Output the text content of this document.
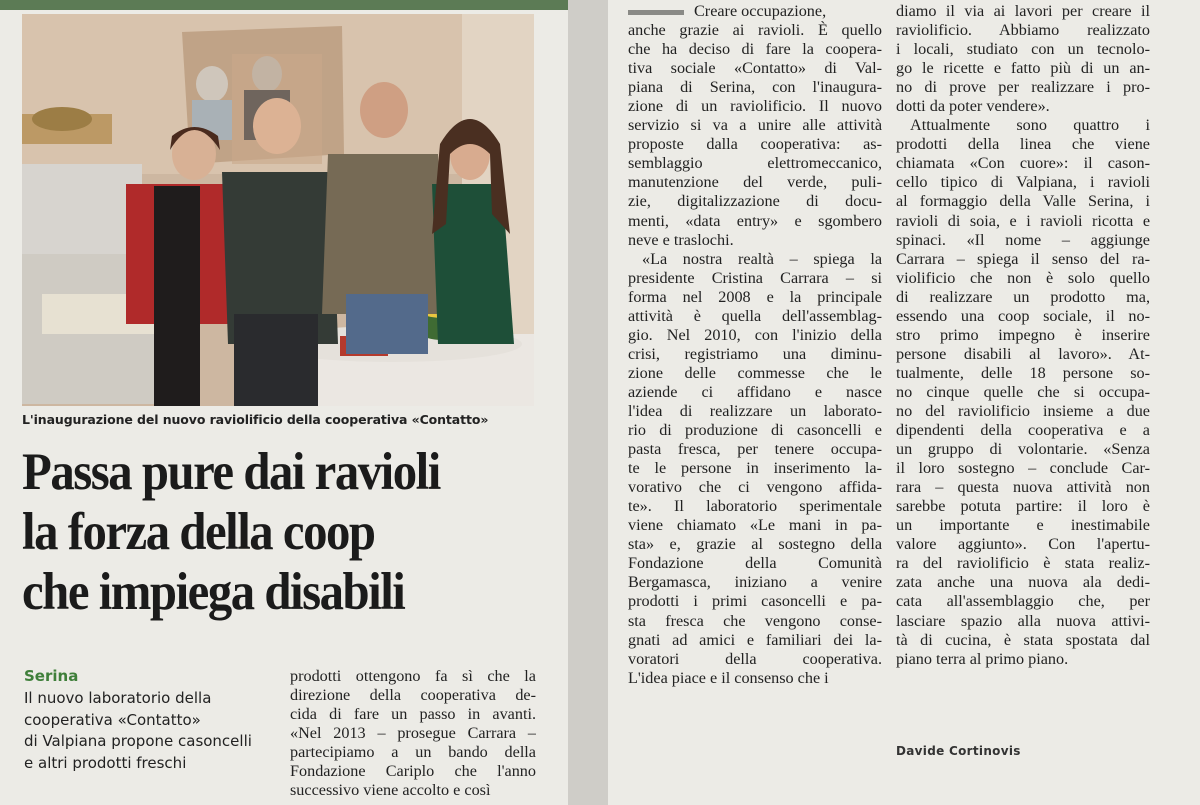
L'inaugurazione del nuovo raviolificio della cooperativa «Contatto»
Passa pure dai ravioli
la forza della coop
che impiega disabili
Serina
Il nuovo laboratorio della
cooperativa «Contatto»
di Valpiana propone casoncelli
e altri prodotti freschi
prodotti ottengono fa sì che la
direzione della cooperativa de-
cida di fare un passo in avanti.
«Nel 2013 – prosegue Carrara –
partecipiamo a un bando della
Fondazione Cariplo che l'anno
successivo viene accolto e così
Creare occupazione,
anche grazie ai ravioli. È quello
che ha deciso di fare la coopera-
tiva sociale «Contatto» di Val-
piana di Serina, con l'inaugura-
zione di un raviolificio. Il nuovo
servizio si va a unire alle attività
proposte dalla cooperativa: as-
semblaggio elettromeccanico,
manutenzione del verde, puli-
zie, digitalizzazione di docu-
menti, «data entry» e sgombero
neve e traslochi.
«La nostra realtà – spiega la
presidente Cristina Carrara – si
forma nel 2008 e la principale
attività è quella dell'assemblag-
gio. Nel 2010, con l'inizio della
crisi, registriamo una diminu-
zione delle commesse che le
aziende ci affidano e nasce
l'idea di realizzare un laborato-
rio di produzione di casoncelli e
pasta fresca, per tenere occupa-
te le persone in inserimento la-
vorativo che ci vengono affida-
te». Il laboratorio sperimentale
viene chiamato «Le mani in pa-
sta» e, grazie al sostegno della
Fondazione della Comunità
Bergamasca, iniziano a venire
prodotti i primi casoncelli e pa-
sta fresca che vengono conse-
gnati ad amici e familiari dei la-
voratori della cooperativa.
L'idea piace e il consenso che i
diamo il via ai lavori per creare il
raviolificio. Abbiamo realizzato
i locali, studiato con un tecnolo-
go le ricette e fatto più di un an-
no di prove per realizzare i pro-
dotti da poter vendere».
Attualmente sono quattro i
prodotti della linea che viene
chiamata «Con cuore»: il cason-
cello tipico di Valpiana, i ravioli
al formaggio della Valle Serina, i
ravioli di soia, e i ravioli ricotta e
spinaci. «Il nome – aggiunge
Carrara – spiega il senso del ra-
violificio che non è solo quello
di realizzare un prodotto ma,
essendo una coop sociale, il no-
stro primo impegno è inserire
persone disabili al lavoro». At-
tualmente, delle 18 persone so-
no cinque quelle che si occupa-
no del raviolificio insieme a due
dipendenti della cooperativa e a
un gruppo di volontarie. «Senza
il loro sostegno – conclude Car-
rara – questa nuova attività non
sarebbe potuta partire: il loro è
un importante e inestimabile
valore aggiunto». Con l'apertu-
ra del raviolificio è stata realiz-
zata anche una nuova ala dedi-
cata all'assemblaggio che, per
lasciare spazio alla nuova attivi-
tà di cucina, è stata spostata dal
piano terra al primo piano.
Davide Cortinovis
